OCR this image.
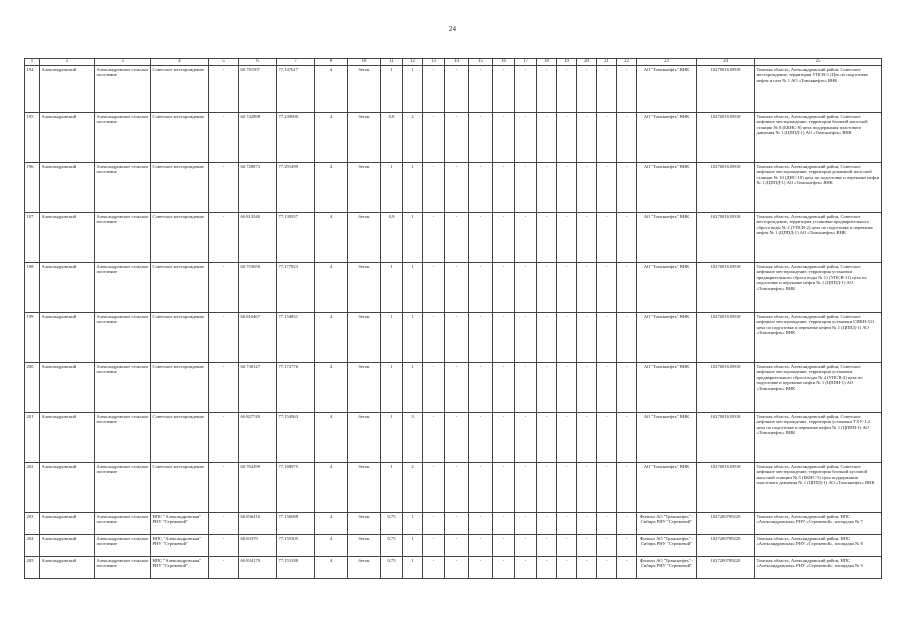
24
1	2	3	4	5	6	7	8	10	11	12	13	14	15	16	17	18	19	20	21	22	23	24	25
194	Александровский	Александровское сельское поселение	Советское месторождение	-	60.781507	77.147617	4	бетон	1	1	-	-	-	-	-	-	-	-	-	-	АО "Томскнефть" ВНК	1027001618918	Томская область, Александровский район, Советское месторождение, территория УПСВ-1 (Цех по подготовке нефти и газа № 1 АО «Томскнефть» ВНК
195	Александровский	Александровское сельское поселение	Советское месторождение	-	60.742898	77.239000	4	бетон	0,8	2	-	-	-	-	-	-	-	-	-	-	АО "Томскнефть" ВНК	1027001618918	Томская область, Александровский район, Советское нефтяное месторождение, территория блочной насосной станции № 8 (БКНС-8) цеха поддержания пластового давления № 1 (ЦППД-1) АО «Томскнефть» ВНК
196	Александровский	Александровское сельское поселение	Советское месторождение	-	60.720873	77.291499	4	бетон	1	1	-	-	-	-	-	-	-	-	-	-	АО "Томскнефть" ВНК	1027001618918	Томская область, Александровский район, Советское нефтяное месторождение, территория дожимной насосной станции № 10 (ДНС-10) цеха по подготовке и перекачке нефти № 1 (ЦППД-1) АО «Томскнефть» ВНК
197	Александровский	Александровское сельское поселение	Советское месторождение	-	60.813540	77.139557	4	бетон	0,9	1	-	-	-	-	-	-	-	-	-	-	АО "Томскнефть" ВНК	1027001618918	Томская область, Александровский район, Советское месторождение, территория установки предварительного сброса воды № 2 (УПСВ-2) цеха по подготовке и перекачке нефти № 1 (ЦППД-1) АО «Томскнефть» ВНК
198	Александровский	Александровское сельское поселение	Советское месторождение	-	60.753650	77.177823	4	бетон	1	1	-	-	-	-	-	-	-	-	-	-	АО "Томскнефть" ВНК	1027001618918	Томская область, Александровский район, Советское нефтяное месторождение, территория установки предварительного сброса воды № 11 (УПСВ-11) цеха по подготовке и перекачке нефти № 1 (ЦППД-1) АО «Томскнефть» ВНК
199	Александровский	Александровское сельское поселение	Советское месторождение	-	60.816467	77.154851	4	бетон	1	1	-	-	-	-	-	-	-	-	-	-	АО "Томскнефть" ВНК	1027001618918	Томская область, Александровский район, Советское нефтяное месторождение, территория установки СИКН-511 цеха по подготовке и перекачке нефти № 1 (ЦППД-1) АО «Томскнефть» ВНК
200	Александровский	Александровское сельское поселение	Советское месторождение	-	60.730127	77.172776	4	бетон	1	1	-	-	-	-	-	-	-	-	-	-	АО "Томскнефть" ВНК	1027001618918	Томская область, Александровский район, Советское нефтяное месторождение, территория установки предварительного сброса воды № 4 (УПСВ-4) цеха по подготовке и перекачке нефти № 1 (ЦППН-1) АО «Томскнефть» ВНК
201	Александровский	Александровское сельское поселение	Советское месторождение	-	60.827749	77.154963	4	бетон	1	3	-	-	-	-	-	-	-	-	-	-	АО "Томскнефть" ВНК	1027001618918	Томская область, Александровский район, Советское нефтяное месторождение, территория установки ТХУ-1,2 цеха по подготовке и перекачке нефти № 1 (ЦППН-1) АО «Томскнефть» ВНК
202	Александровский	Александровское сельское поселение	Советское месторождение	-	60.764299	77.168975	4	бетон	1	2	-	-	-	-	-	-	-	-	-	-	АО "Томскнефть" ВНК	1027001618918	Томская область, Александровский район, Советское нефтяное месторождение, территория блочной кустовой насосной станции № 5 (БКНС-5) цеха поддержания пластового давления № 1 (ЦППД-1) АО «Томскнефть» ВНК
203	Александровский	Александровское сельское поселение	НПС "Александровская" РНУ "Стрежевой"	-	60.836416	77.156088	4	бетон	0,75	1	-	-	-	-	-	-	-	-	-	-	Филиал АО "Транснефть" - Сибирь РНУ "Стрежевой"	1027200789220	Томская область, Александровский район, НПС «Александровская» РНУ «Стрежевой», площадка № 7
204	Александровский	Александровское сельское поселение	НПС "Александровская" РНУ "Стрежевой"	-	60.83379	77.155305	4	бетон	0,75	1	-	-	-	-	-	-	-	-	-	-	Филиал АО "Транснефть" - Сибирь РНУ "Стрежевой"	1027200789220	Томская область, Александровский район, НПС «Александровская» РНУ «Стрежевой», площадка № 8
205	Александровский	Александровское сельское поселение	НПС "Александровская" РНУ "Стрежевой"	-	60.834170	77.153188	4	бетон	0,75	1	-	-	-	-	-	-	-	-	-	-	Филиал АО "Транснефть" - Сибирь РНУ "Стрежевой"	1027200789220	Томская область, Александровский район, НПС «Александровская» РНУ «Стрежевой», площадка № 9
